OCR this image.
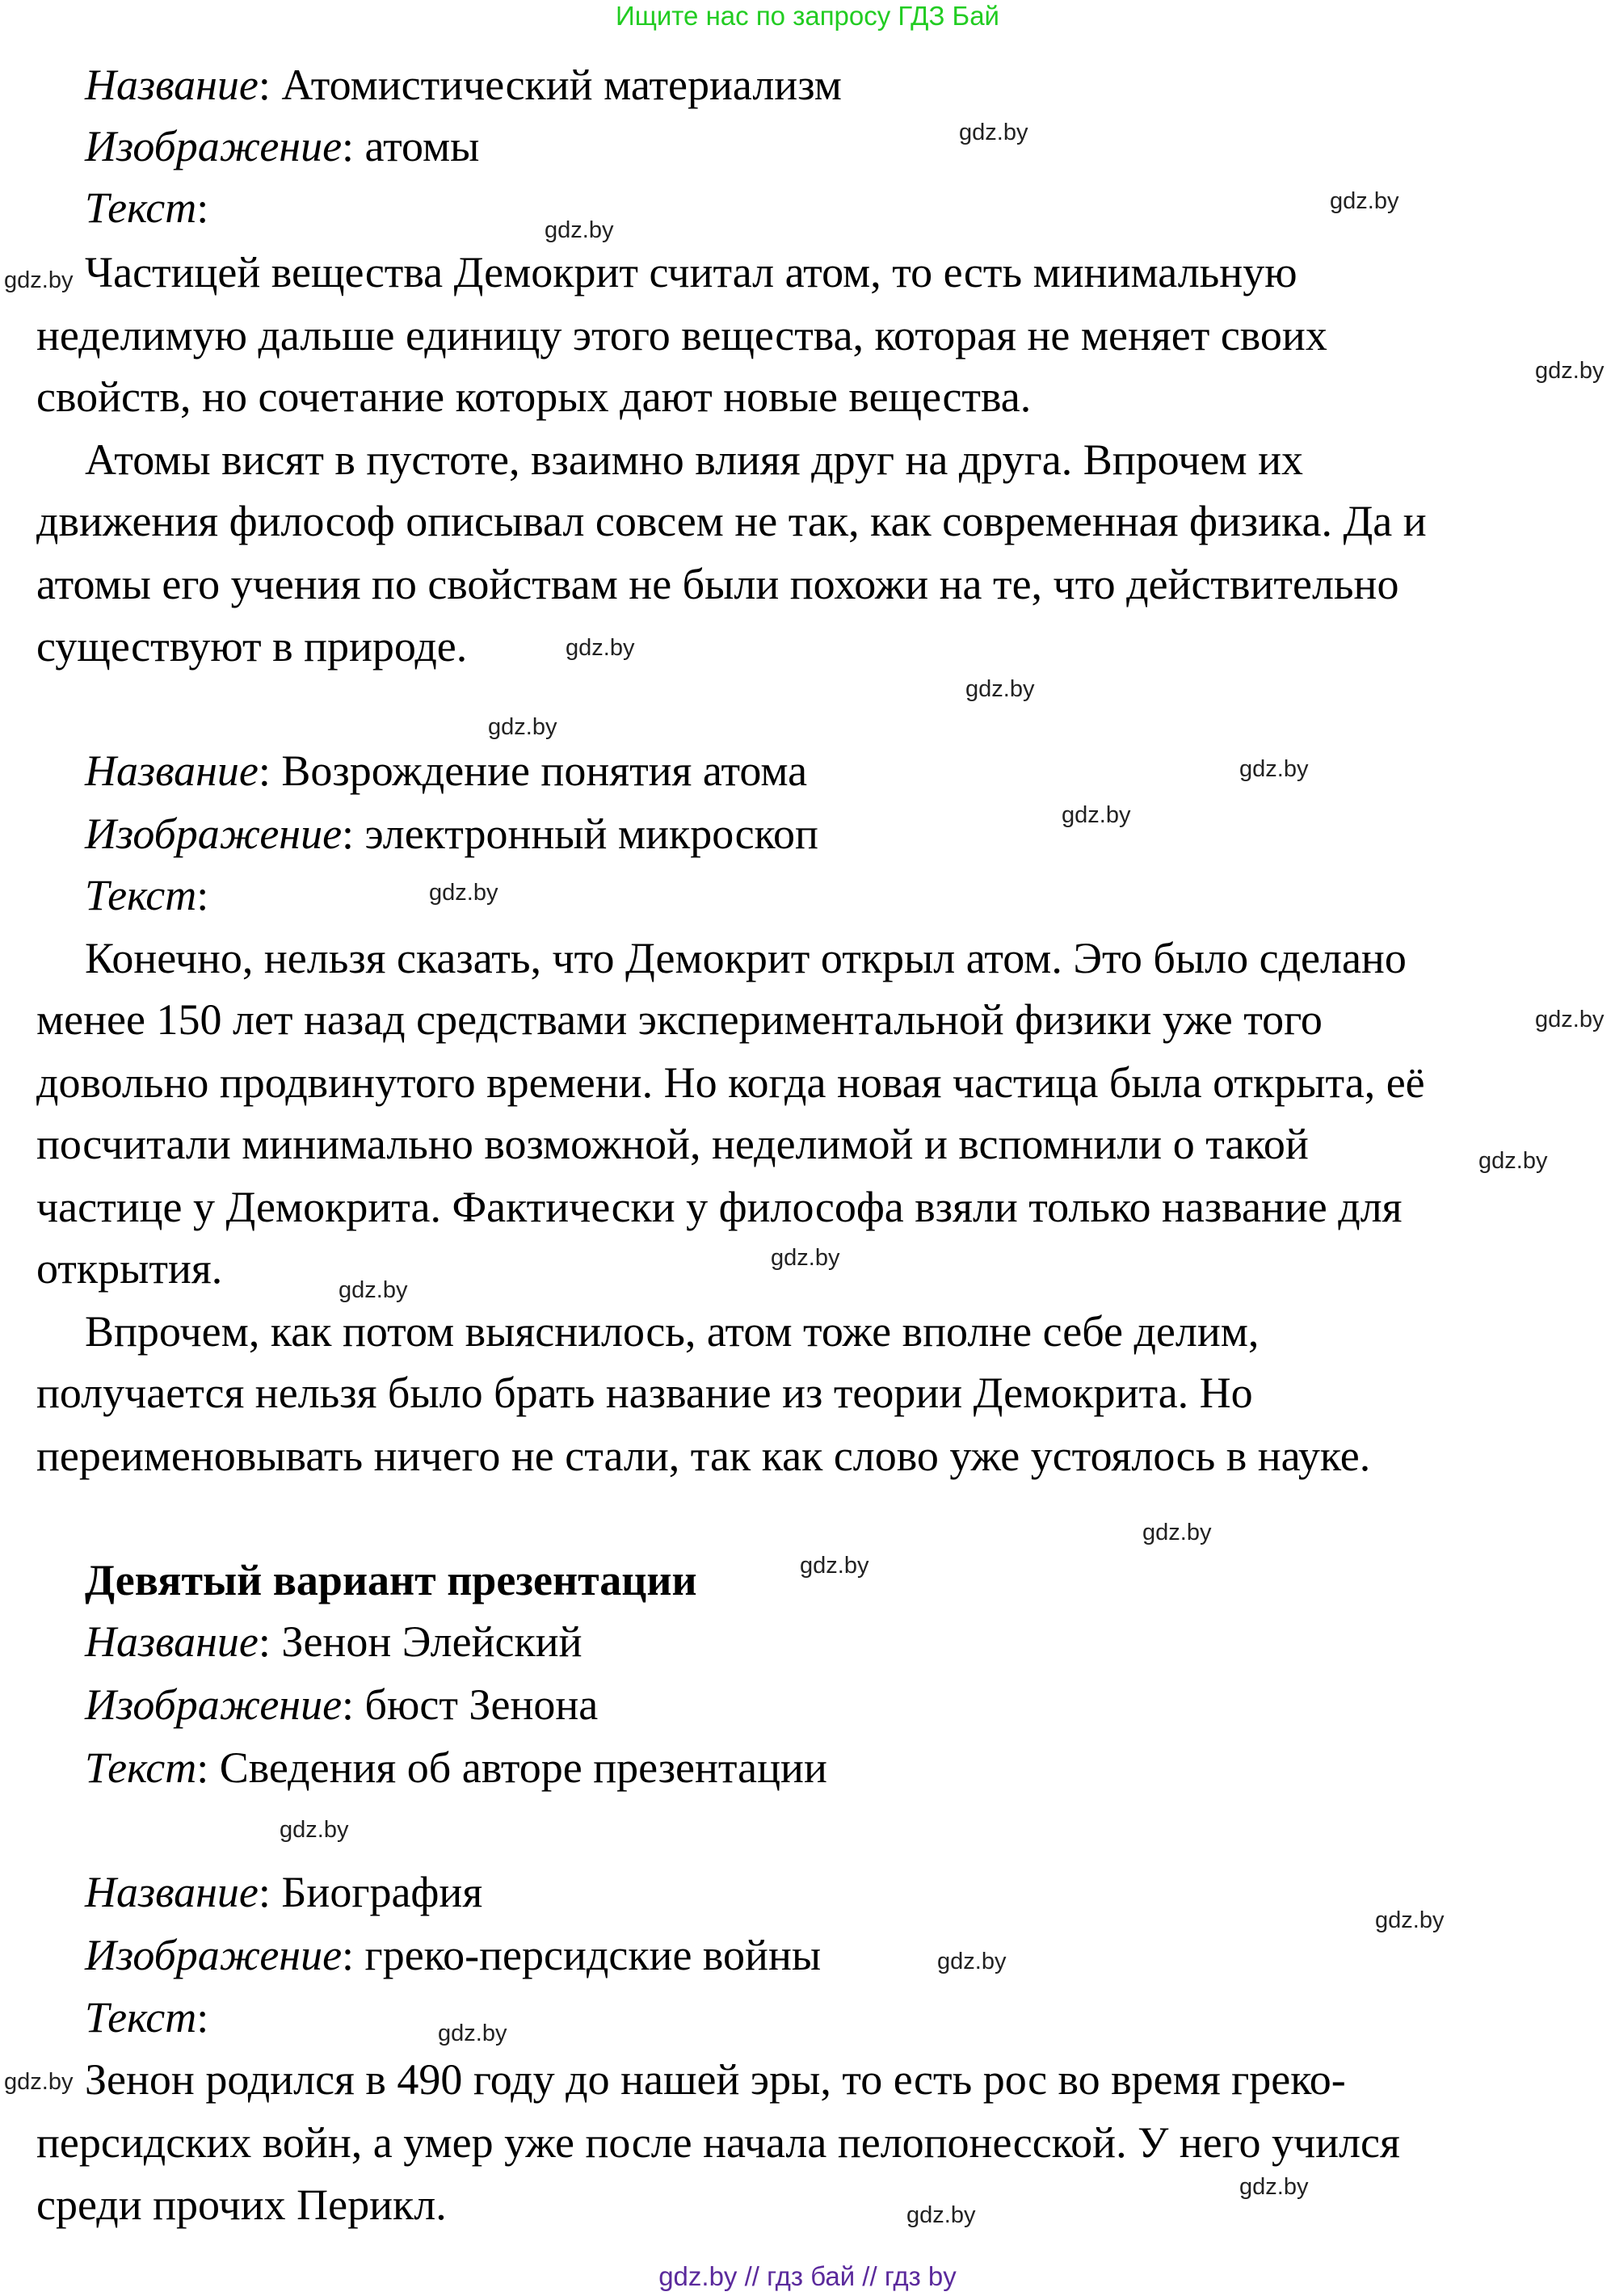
Ищите нас по запросу ГДЗ Бай
Название: Атомистический материализм
Изображение: атомы
Текст:
Частицей вещества Демокрит считал атом, то есть минимальную
неделимую дальше единицу этого вещества, которая не меняет своих
свойств, но сочетание которых дают новые вещества.
Атомы висят в пустоте, взаимно влияя друг на друга. Впрочем их
движения философ описывал совсем не так, как современная физика. Да и
атомы его учения по свойствам не были похожи на те, что действительно
существуют в природе.
Название: Возрождение понятия атома
Изображение: электронный микроскоп
Текст:
Конечно, нельзя сказать, что Демокрит открыл атом. Это было сделано
менее 150 лет назад средствами экспериментальной физики уже того
довольно продвинутого времени. Но когда новая частица была открыта, её
посчитали минимально возможной, неделимой и вспомнили о такой
частице у Демокрита. Фактически у философа взяли только название для
открытия.
Впрочем, как потом выяснилось, атом тоже вполне себе делим,
получается нельзя было брать название из теории Демокрита. Но
переименовывать ничего не стали, так как слово уже устоялось в науке.
Девятый вариант презентации
Название: Зенон Элейский
Изображение: бюст Зенона
Текст: Сведения об авторе презентации
Название: Биография
Изображение: греко-персидские войны
Текст:
Зенон родился в 490 году до нашей эры, то есть рос во время греко-
персидских войн, а умер уже после начала пелопонесской. У него учился
среди прочих Перикл.
gdz.by
gdz.by
gdz.by
gdz.by
gdz.by
gdz.by
gdz.by
gdz.by
gdz.by
gdz.by
gdz.by
gdz.by
gdz.by
gdz.by
gdz.by
gdz.by
gdz.by
gdz.by
gdz.by
gdz.by
gdz.by
gdz.by
gdz.by
gdz.by
gdz.by // гдз бай // гдз by
